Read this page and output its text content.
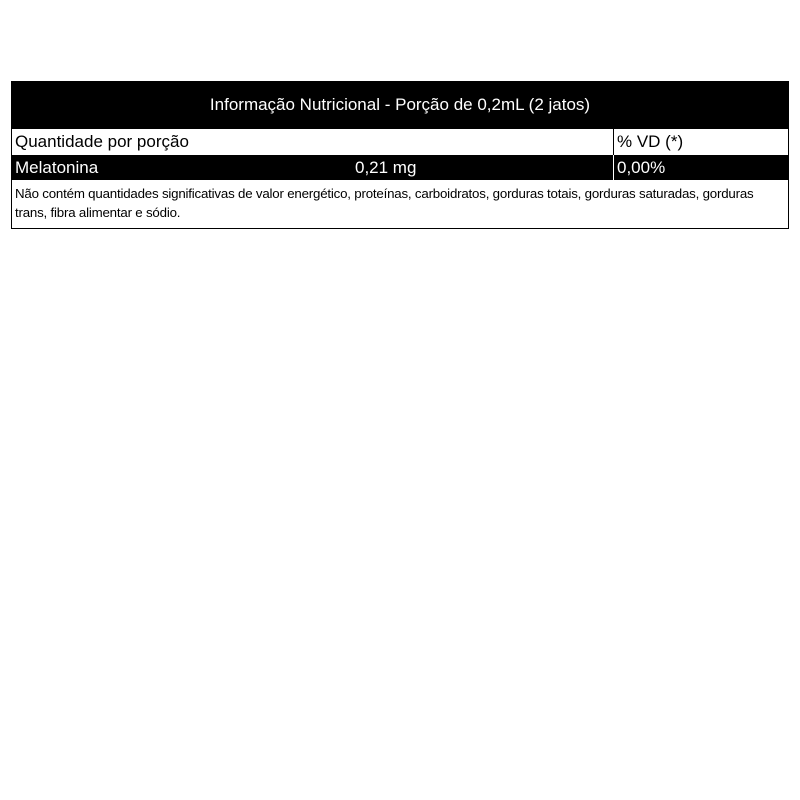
Informação Nutricional - Porção de 0,2mL (2 jatos)
Quantidade por porção	% VD (*)
Melatonina	0,21 mg	0,00%
Não contém quantidades significativas de valor energético, proteínas, carboidratos, gorduras totais, gorduras saturadas, gorduras trans, fibra alimentar e sódio.
